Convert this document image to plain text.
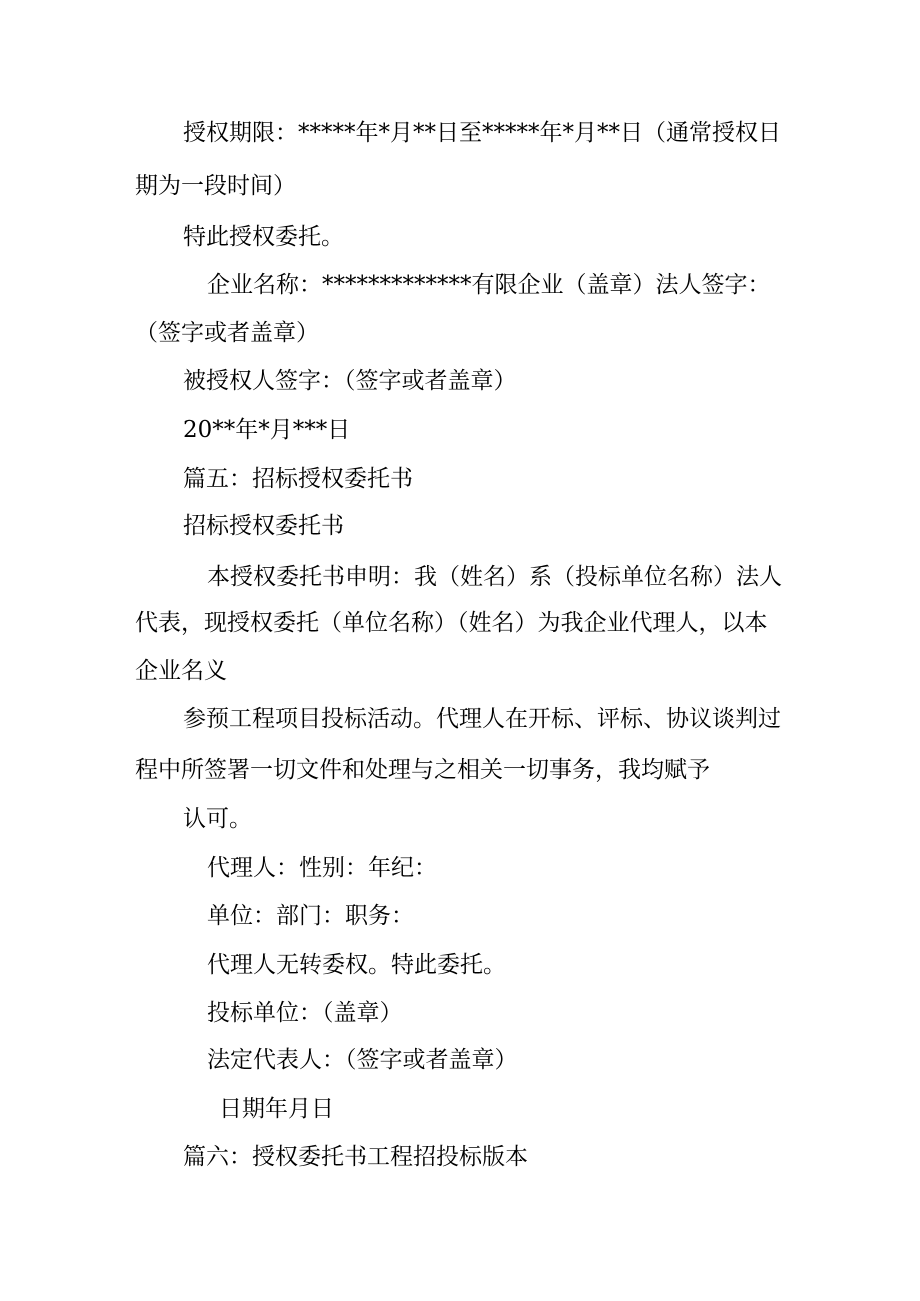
授权期限：*****年*月**日至*****年*月**日（通常授权日
期为一段时间）
特此授权委托。
企业名称：*************有限企业（盖章）法人签字：
（签字或者盖章）
被授权人签字：（签字或者盖章）
20**年*月***日
篇五：招标授权委托书
招标授权委托书
本授权委托书申明：我（姓名）系（投标单位名称）法人
代表，现授权委托（单位名称）（姓名）为我企业代理人，以本
企业名义
参预工程项目投标活动。代理人在开标、评标、协议谈判过
程中所签署一切文件和处理与之相关一切事务，我均赋予
认可。
代理人：性别：年纪：
单位：部门：职务：
代理人无转委权。特此委托。
投标单位：（盖章）
法定代表人：（签字或者盖章）
日期年月日
篇六：授权委托书工程招投标版本
